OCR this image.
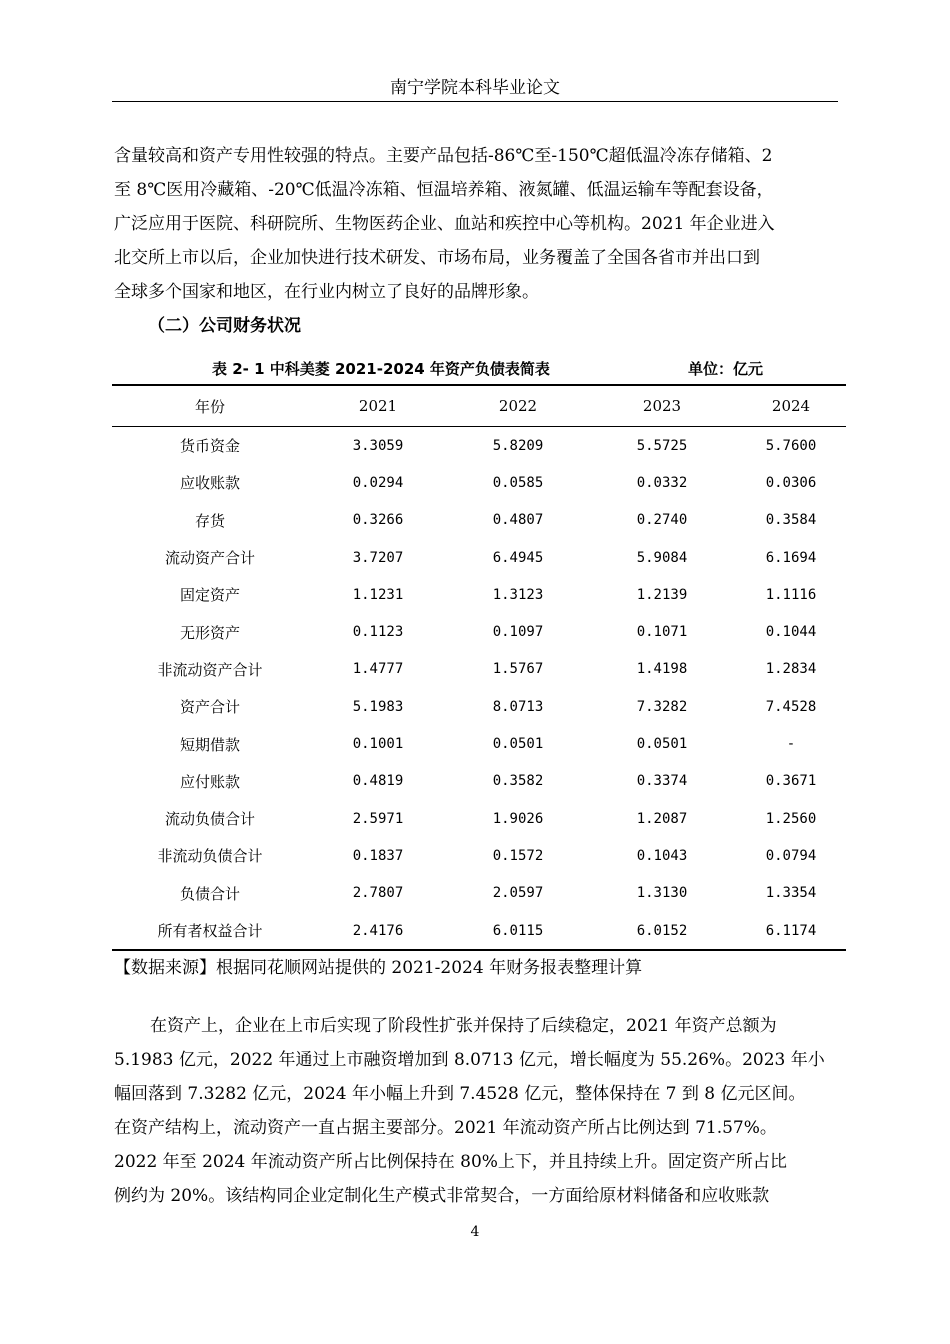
南宁学院本科毕业论文
含量较高和资产专用性较强的特点。主要产品包括-86℃至-150℃超低温冷冻存储箱、2
至 8℃医用冷藏箱、-20℃低温冷冻箱、恒温培养箱、液氮罐、低温运输车等配套设备，
广泛应用于医院、科研院所、生物医药企业、血站和疾控中心等机构。2021 年企业进入
北交所上市以后，企业加快进行技术研发、市场布局，业务覆盖了全国各省市并出口到
全球多个国家和地区，在行业内树立了良好的品牌形象。
（二）公司财务状况
表 2- 1 中科美菱 2021-2024 年资产负债表简表	单位：亿元
年份	2021	2022	2023	2024
货币资金	3.3059	5.8209	5.5725	5.7600
应收账款	0.0294	0.0585	0.0332	0.0306
存货	0.3266	0.4807	0.2740	0.3584
流动资产合计	3.7207	6.4945	5.9084	6.1694
固定资产	1.1231	1.3123	1.2139	1.1116
无形资产	0.1123	0.1097	0.1071	0.1044
非流动资产合计	1.4777	1.5767	1.4198	1.2834
资产合计	5.1983	8.0713	7.3282	7.4528
短期借款	0.1001	0.0501	0.0501	-
应付账款	0.4819	0.3582	0.3374	0.3671
流动负债合计	2.5971	1.9026	1.2087	1.2560
非流动负债合计	0.1837	0.1572	0.1043	0.0794
负债合计	2.7807	2.0597	1.3130	1.3354
所有者权益合计	2.4176	6.0115	6.0152	6.1174
【数据来源】根据同花顺网站提供的 2021-2024 年财务报表整理计算
在资产上，企业在上市后实现了阶段性扩张并保持了后续稳定，2021 年资产总额为
5.1983 亿元，2022 年通过上市融资增加到 8.0713 亿元，增长幅度为 55.26%。2023 年小
幅回落到 7.3282 亿元，2024 年小幅上升到 7.4528 亿元，整体保持在 7 到 8 亿元区间。
在资产结构上，流动资产一直占据主要部分。2021 年流动资产所占比例达到 71.57%。
2022 年至 2024 年流动资产所占比例保持在 80%上下，并且持续上升。固定资产所占比
例约为 20%。该结构同企业定制化生产模式非常契合，一方面给原材料储备和应收账款
4
